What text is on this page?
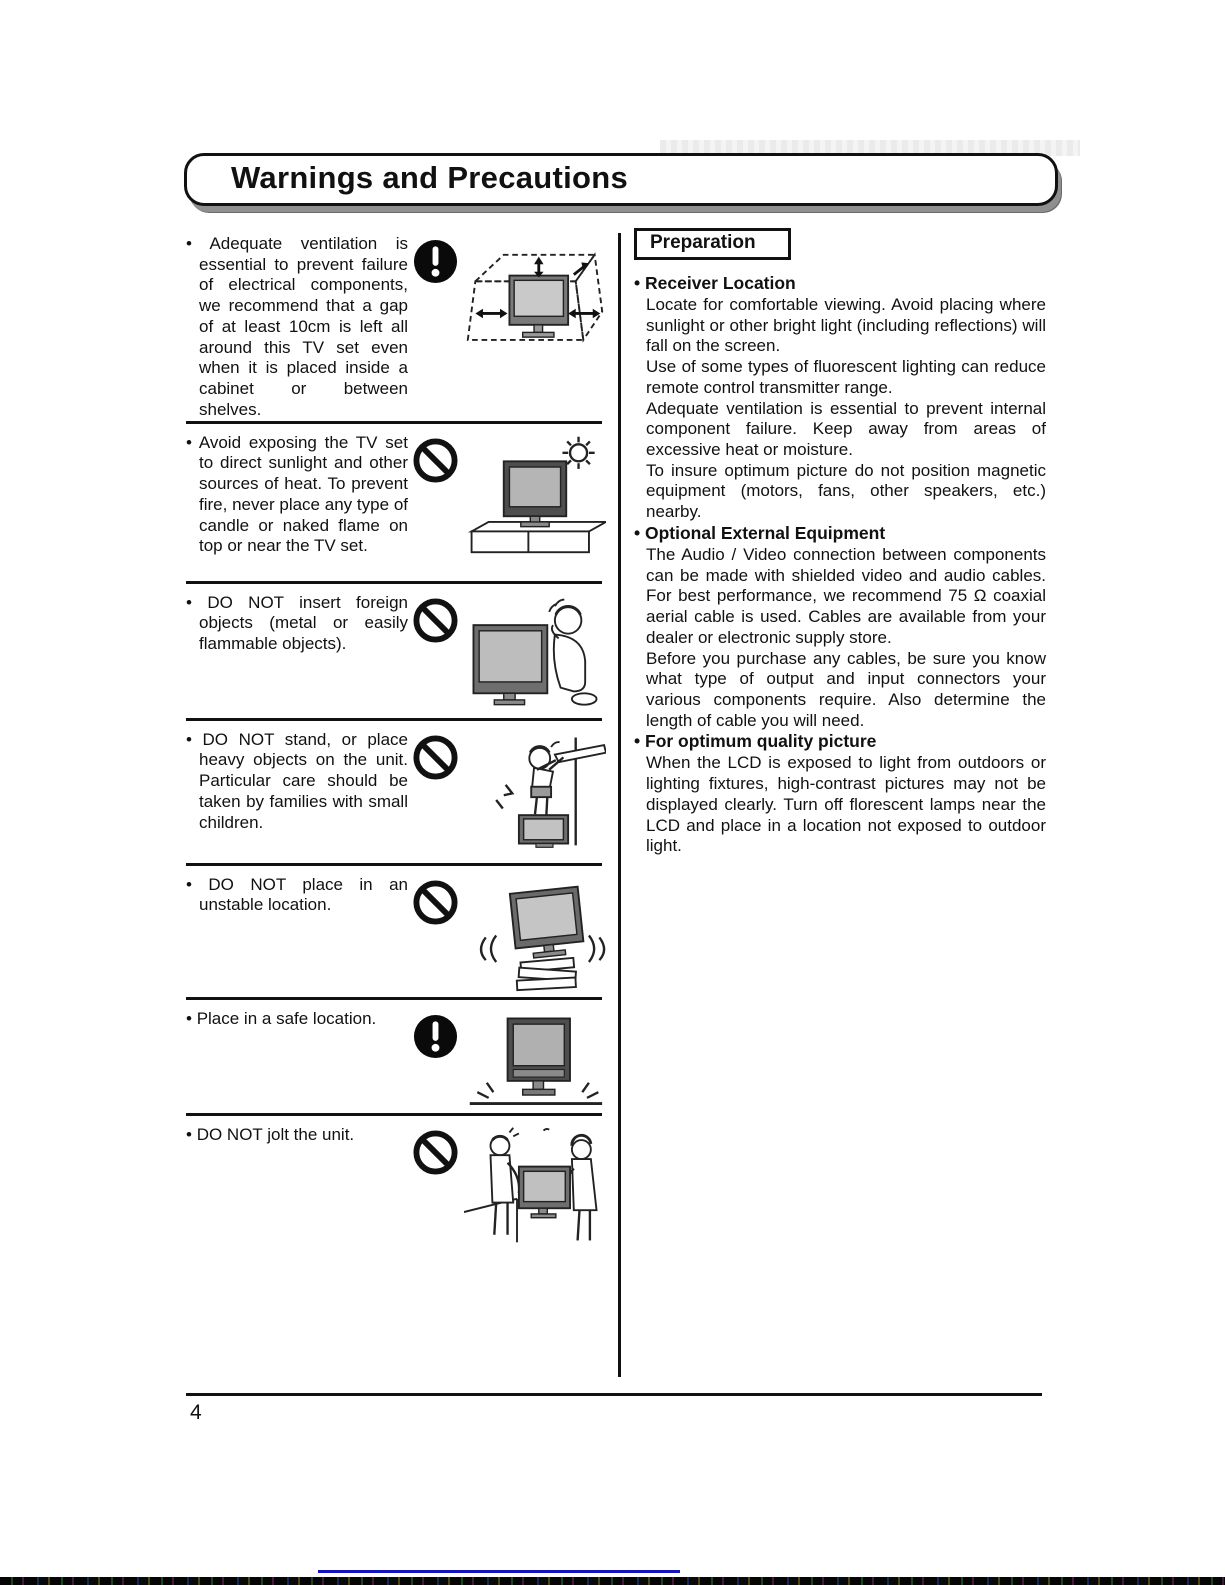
Warnings and Precautions
• Adequate ventilation is essential to prevent failure of electrical components, we recommend that a gap of at least 10cm is left all around this TV set even when it is placed inside a cabinet or between shelves.
• Avoid exposing the TV set to direct sunlight and other sources of heat. To prevent fire, never place any type of candle or naked flame on top or near the TV set.
• DO NOT insert foreign objects (metal or easily flammable objects).
• DO NOT stand, or place heavy objects on the unit. Particular care should be taken by families with small children.
• DO NOT place in an unstable location.
• Place in a safe location.
• DO NOT jolt the unit.
Preparation
• Receiver Location

Locate for comfortable viewing. Avoid placing where sunlight or other bright light (including reflections) will fall on the screen.

Use of some types of fluorescent lighting can reduce remote control transmitter range.

Adequate ventilation is essential to prevent internal component failure. Keep away from areas of excessive heat or moisture.

To insure optimum picture do not position magnetic equipment (motors, fans, other speakers, etc.) nearby.

• Optional External Equipment

The Audio / Video connection between components can be made with shielded video and audio cables. For best performance, we recommend 75 Ω coaxial aerial cable is used. Cables are available from your dealer or electronic supply store.

Before you purchase any cables, be sure you know what type of output and input connectors your various components require. Also determine the length of cable you will need.

• For optimum quality picture

When the LCD is exposed to light from outdoors or lighting fixtures, high-contrast pictures may not be displayed clearly. Turn off florescent lamps near the LCD and place in a location not exposed to outdoor light.

4
